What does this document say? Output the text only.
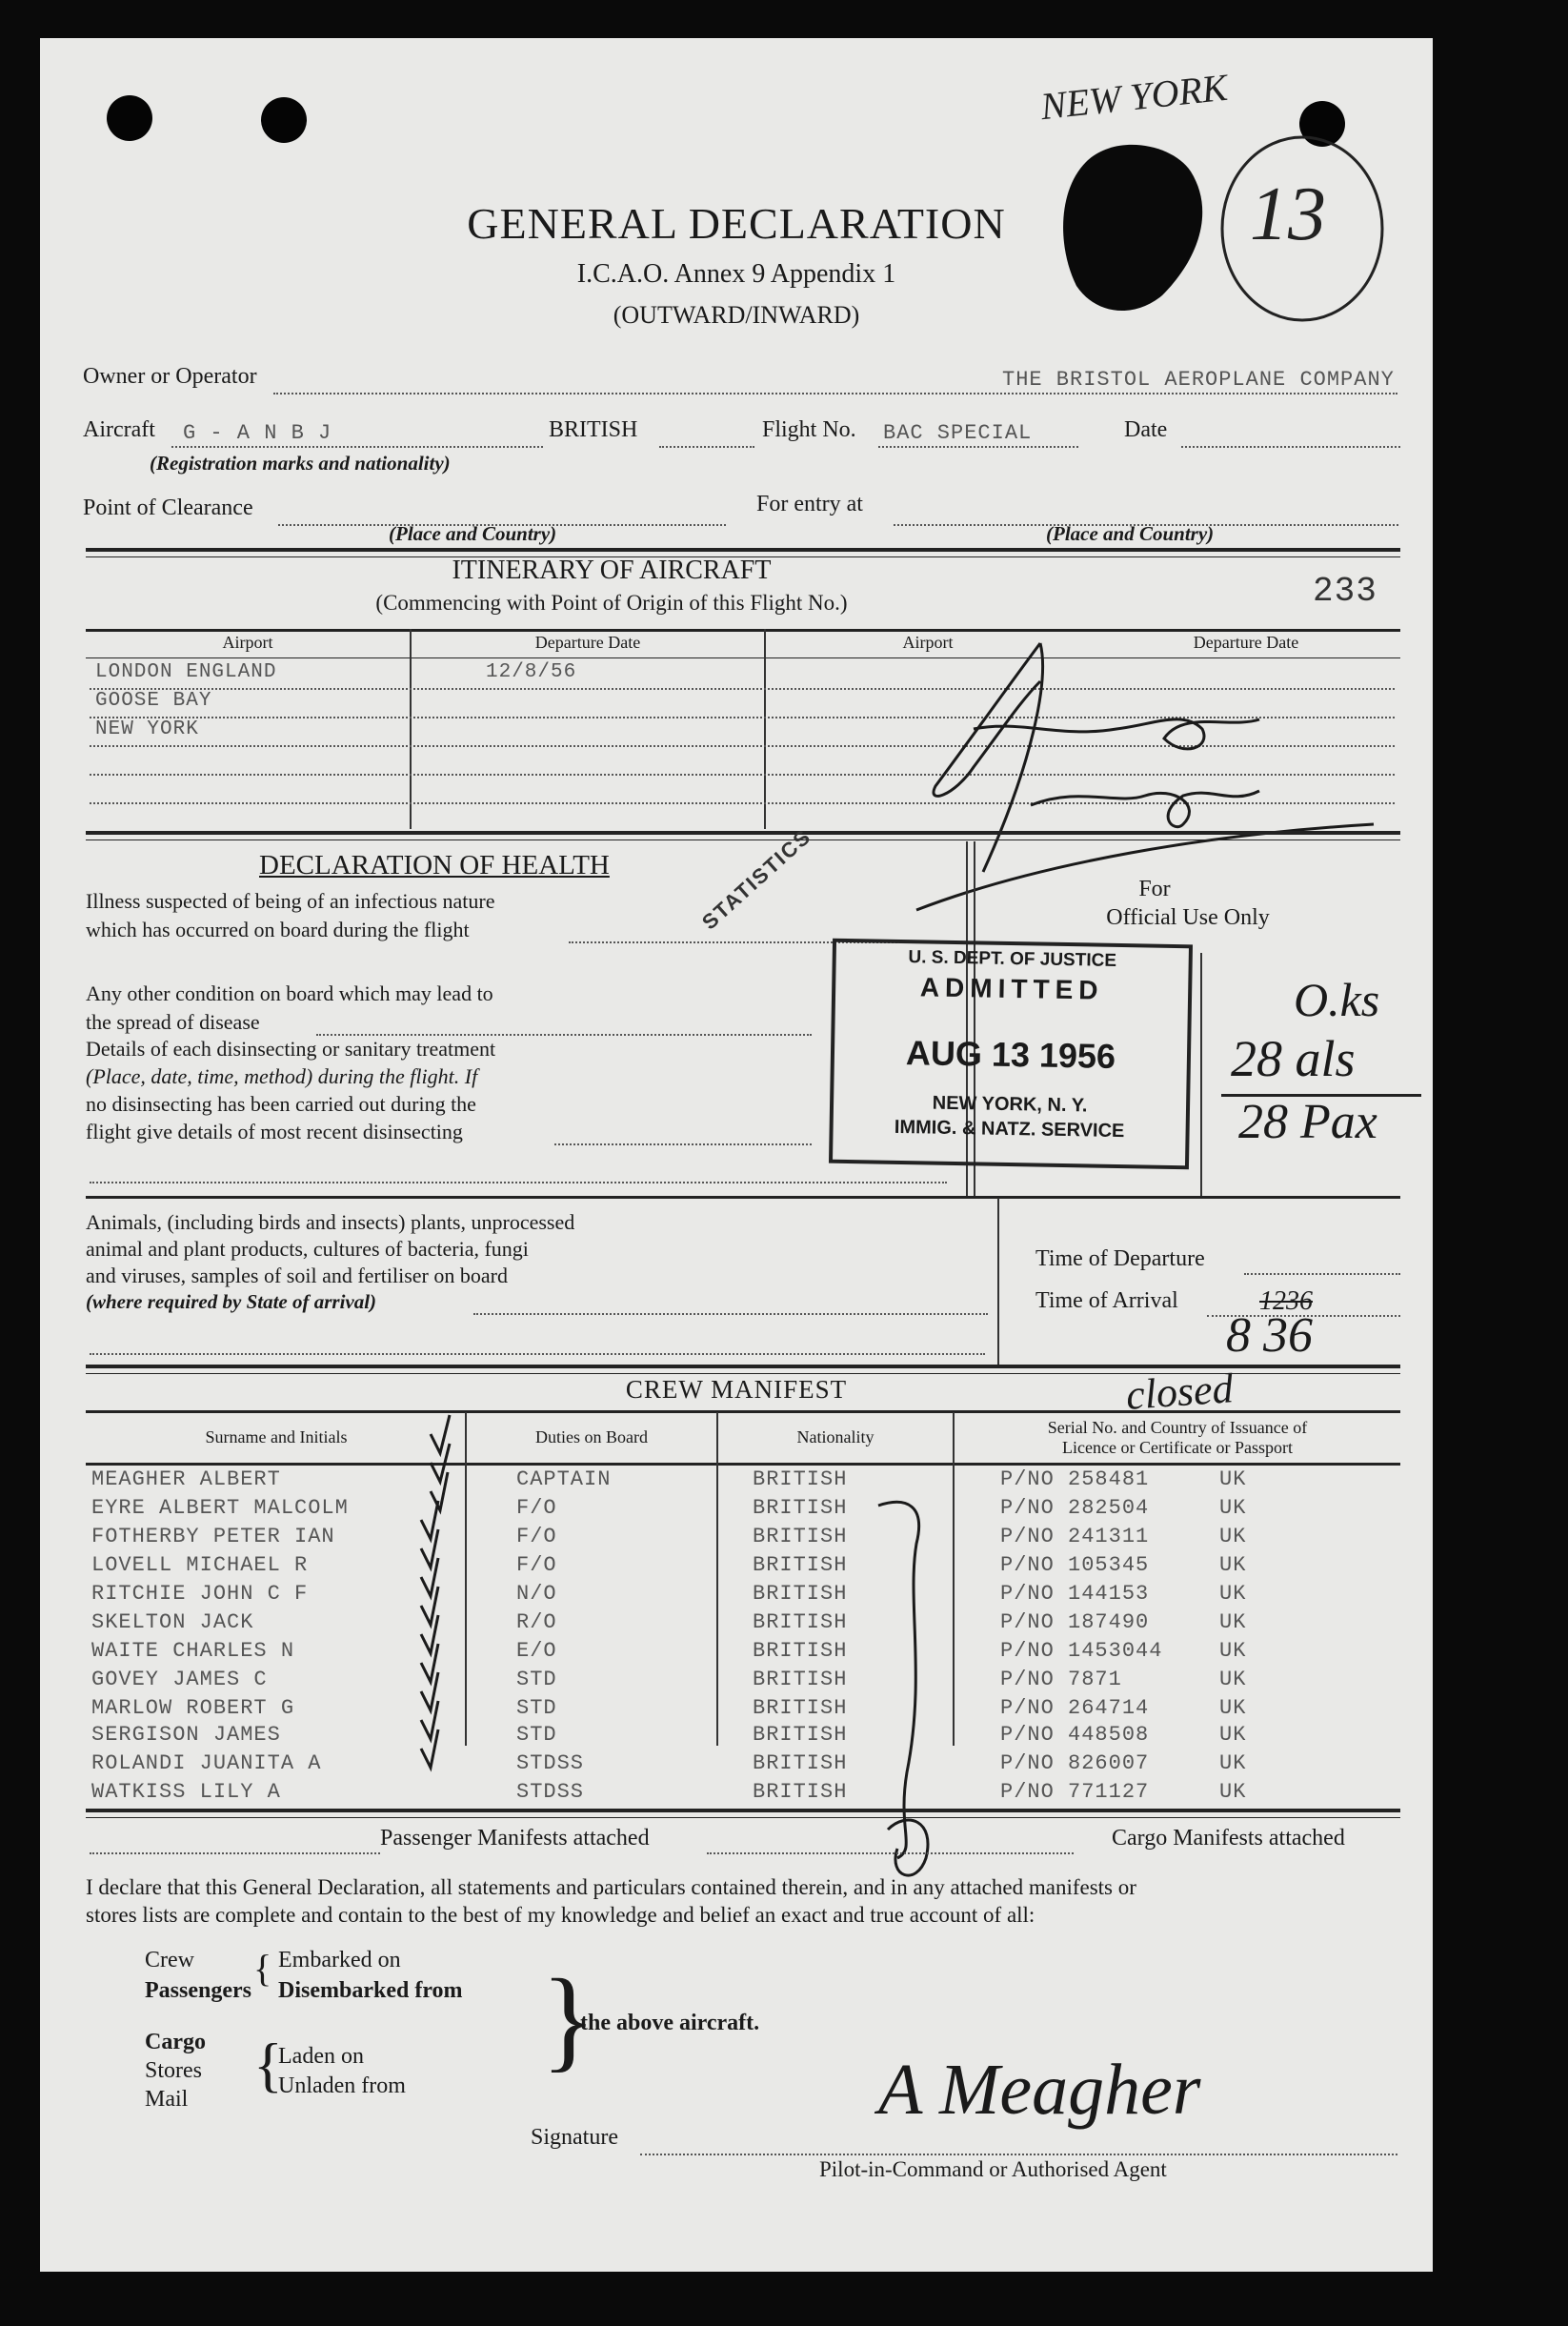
NEW YORK
13
GENERAL DECLARATION
I.C.A.O. Annex 9 Appendix 1
(OUTWARD/INWARD)
Owner or Operator	THE BRISTOL AEROPLANE COMPANY
Aircraft G - A N B J	BRITISH	Flight No. BAC SPECIAL	Date
(Registration marks and nationality)
Point of Clearance	For entry at
(Place and Country)	(Place and Country)
ITINERARY OF AIRCRAFT
(Commencing with Point of Origin of this Flight No.)	233
Airport	Departure Date	Airport	Departure Date
LONDON ENGLAND	12/8/56
GOOSE BAY
NEW YORK
DECLARATION OF HEALTH
Illness suspected of being of an infectious nature
which has occurred on board during the flight	STATISTICS	For
Official Use Only
Any other condition on board which may lead to
the spread of disease
Details of each disinsecting or sanitary treatment
(Place, date, time, method) during the flight. If
no disinsecting has been carried out during the
flight give details of most recent disinsecting
U. S. DEPT. OF JUSTICE
ADMITTED
AUG 13 1956
NEW YORK, N. Y.
IMMIG. & NATZ. SERVICE
O.ks
28 als
28 Pax
Animals, (including birds and insects) plants, unprocessed
animal and plant products, cultures of bacteria, fungi
and viruses, samples of soil and fertiliser on board
(where required by State of arrival)
Time of Departure
Time of Arrival	1236
8 36
CREW MANIFEST	closed
Surname and Initials	Duties on Board	Nationality	Serial No. and Country of Issuance of
Licence or Certificate or Passport
MEAGHER ALBERT	CAPTAIN	BRITISH	P/NO 258481	UK
EYRE ALBERT MALCOLM	F/O	BRITISH	P/NO 282504	UK
FOTHERBY PETER IAN	F/O	BRITISH	P/NO 241311	UK
LOVELL MICHAEL R	F/O	BRITISH	P/NO 105345	UK
RITCHIE JOHN C F	N/O	BRITISH	P/NO 144153	UK
SKELTON JACK	R/O	BRITISH	P/NO 187490	UK
WAITE CHARLES N	E/O	BRITISH	P/NO 1453044	UK
GOVEY JAMES C	STD	BRITISH	P/NO 7871	UK
MARLOW ROBERT G	STD	BRITISH	P/NO 264714	UK
SERGISON JAMES	STD	BRITISH	P/NO 448508	UK
ROLANDI JUANITA A	STDSS	BRITISH	P/NO 826007	UK
WATKISS LILY A	STDSS	BRITISH	P/NO 771127	UK
Passenger Manifests attached	Cargo Manifests attached
I declare that this General Declaration, all statements and particulars contained therein, and in any attached manifests or
stores lists are complete and contain to the best of my knowledge and belief an exact and true account of all:
Crew
Passengers
{ Embarked on
Disembarked from
Cargo
Stores
Mail
{
Laden on
Unladen from
}
the above aircraft.
Signature
A Meagher
Pilot-in-Command or Authorised Agent
